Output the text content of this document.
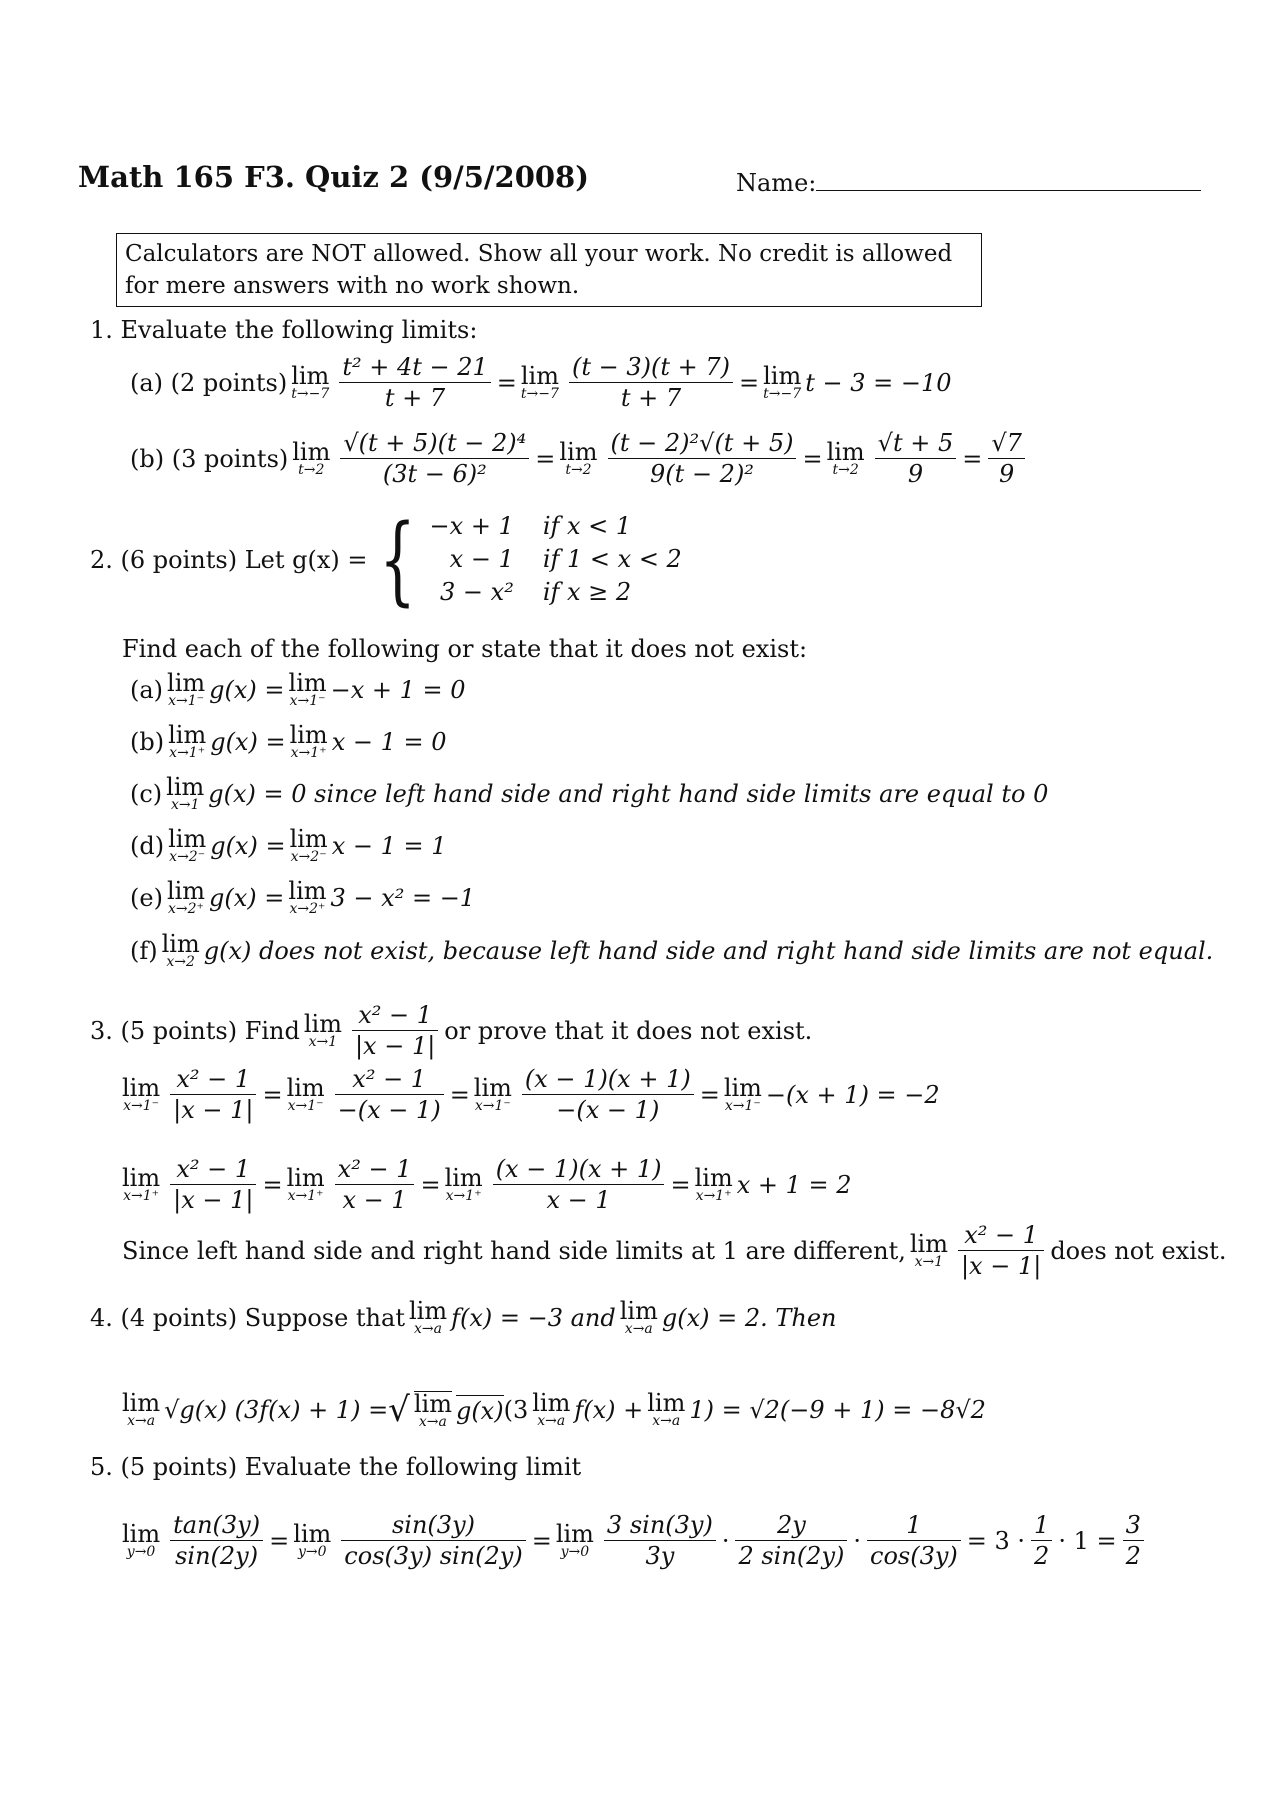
Math 165 F3. Quiz 2 (9/5/2008)	Name:
Calculators are NOT allowed. Show all your work. No credit is allowed for mere answers with no work shown.
1. Evaluate the following limits:
(a) (2 points) lim
$t\to-7 \frac{\text{t² + 4t − 21}}{t + 7} = \lim$
$t\to-7 \frac{(t - 3)(t + 7)}{t + 7} = \lim$
t→−7 t − 3 = −10
(b) (3 points) lim
$t\to 2 \frac{\text{√(t + 5)(t − 2)⁴}}{\text{(3t − 6)²}} = \lim$
$t\to 2 \frac{\text{(t − 2)²√(t + 5)}}{\text{9(t − 2)²}} = \lim$
$t\to 2 \frac{√t + 5}{9} = \frac{√7}{9}$
2. (6 points) Let g(x) = { −x + 1	if x < 1
x − 1	if 1 < x < 2
3 − x²	if x ≥ 2
Find each of the following or state that it does not exist:
(a) lim
x→1⁻ g(x) = lim
x→1⁻ −x + 1 = 0
(b) lim
x→1⁺ g(x) = lim
x→1⁺ x − 1 = 0
(c) lim
x→1 g(x) = 0 since left hand side and right hand side limits are equal to 0
(d) lim
x→2⁻ g(x) = lim
x→2⁻ x − 1 = 1
(e) lim
x→2⁺ g(x) = lim
x→2⁺ 3 − x² = −1
(f) lim
x→2 g(x) does not exist, because left hand side and right hand side limits are not equal.
3. (5 points) Find lim
$x\to 1 \frac{\text{x² − 1}}{|x - 1|}$ or prove that it does not exist.
lim
$x\to 1^- \frac{\text{x² − 1}}{|x - 1|} = \lim$
$x\to 1^- \frac{\text{x² − 1}}{-(x - 1)} = \lim$
$x\to 1^- \frac{(x - 1)(x + 1)}{-(x - 1)} = \lim$
x→1⁻ −(x + 1) = −2
lim
$x\to 1^+ \frac{\text{x² − 1}}{|x - 1|} = \lim$
$x\to 1^+ \frac{\text{x² − 1}}{x - 1} = \lim$
$x\to 1^+ \frac{(x - 1)(x + 1)}{x - 1} = \lim$
x→1⁺ x + 1 = 2
Since left hand side and right hand side limits at 1 are different, lim
$x\to 1 \frac{\text{x² − 1}}{|x - 1|}$ does not exist.
4. (4 points) Suppose that lim
x→a f(x) = −3 and lim
x→a g(x) = 2. Then
lim
x→a √g(x) (3f(x) + 1) = √ lim
x→a g(x) (3 lim
x→a f(x) + lim
x→a 1) = √2(−9 + 1) = −8√2
5. (5 points) Evaluate the following limit
lim
$y\to 0 \frac{\tan(3y)}{\sin(2y)} = \lim$
$y\to 0 \frac{\sin(3y)}{\cos(3y) \sin(2y)} = \lim$
$y\to 0 \frac{3 \sin(3y)}{3y} \cdot \frac{2y}{2 \sin(2y)} \cdot \frac{1}{\cos(3y)} = 3 \cdot \frac{1}{2} \cdot 1 = \frac{3}{2}$
